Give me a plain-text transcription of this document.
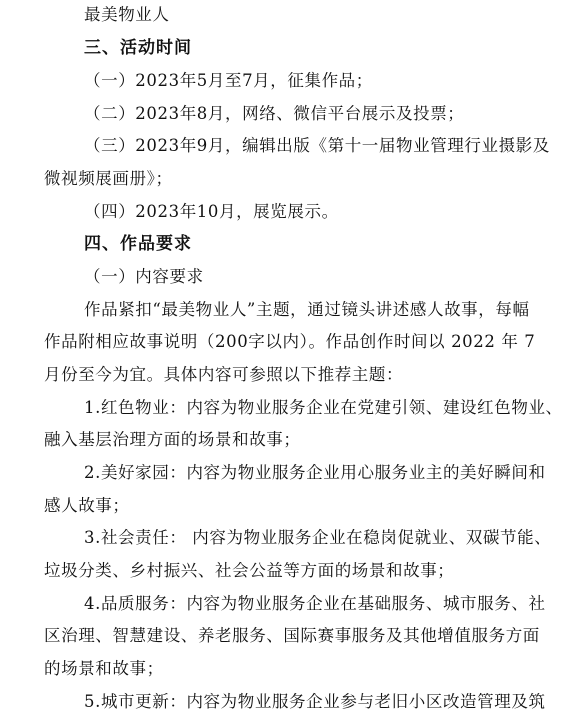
最美物业人
三、活动时间
（一）2023年5月至7月，征集作品；
（二）2023年8月，网络、微信平台展示及投票；
（三）2023年9月，编辑出版《第十一届物业管理行业摄影及
微视频展画册》；
（四）2023年10月，展览展示。
四、作品要求
（一）内容要求
作品紧扣“最美物业人”主题，通过镜头讲述感人故事，每幅
作品附相应故事说明（200字以内）。作品创作时间以 2022 年 7
月份至今为宜。具体内容可参照以下推荐主题：
1.红色物业：内容为物业服务企业在党建引领、建设红色物业、
融入基层治理方面的场景和故事；
2.美好家园：内容为物业服务企业用心服务业主的美好瞬间和
感人故事；
3.社会责任： 内容为物业服务企业在稳岗促就业、双碳节能、
垃圾分类、乡村振兴、社会公益等方面的场景和故事；
4.品质服务：内容为物业服务企业在基础服务、城市服务、社
区治理、智慧建设、养老服务、国际赛事服务及其他增值服务方面
的场景和故事；
5.城市更新：内容为物业服务企业参与老旧小区改造管理及筑
